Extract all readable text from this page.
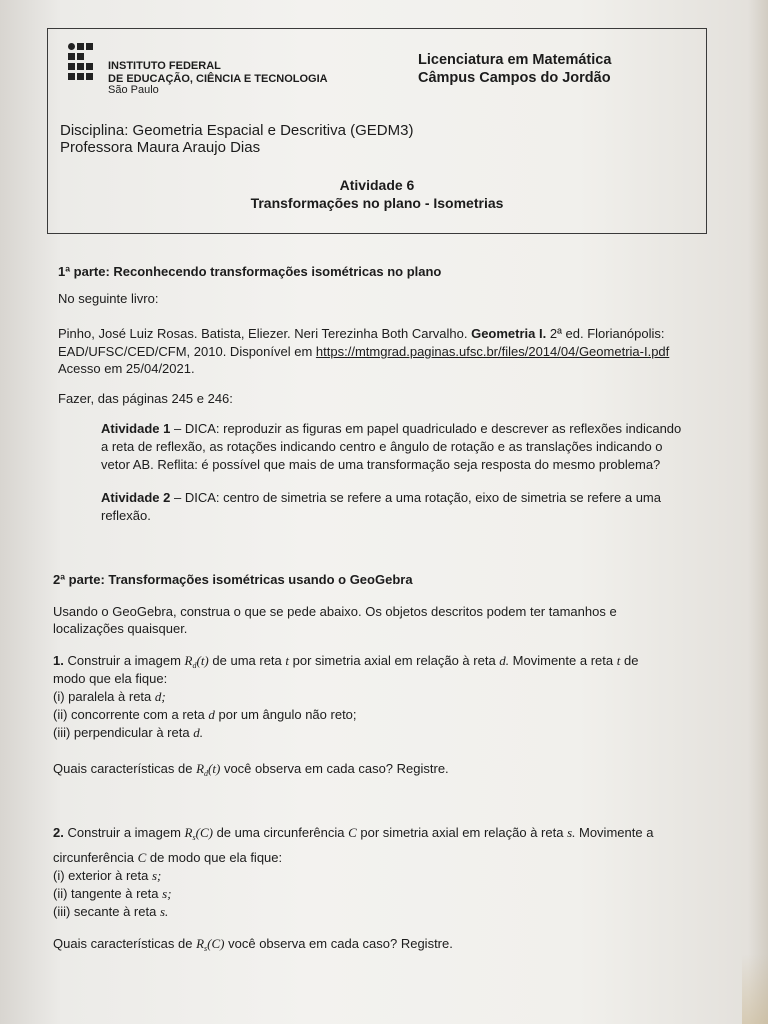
INSTITUTO FEDERAL
DE EDUCAÇÃO, CIÊNCIA E TECNOLOGIA
São Paulo
Licenciatura em Matemática
Câmpus Campos do Jordão
Disciplina: Geometria Espacial e Descritiva (GEDM3)
Professora Maura Araujo Dias
Atividade 6
Transformações no plano - Isometrias
1ª parte: Reconhecendo transformações isométricas no plano
No seguinte livro:
Pinho, José Luiz Rosas. Batista, Eliezer. Neri Terezinha Both Carvalho. Geometria I. 2ª ed. Florianópolis:
EAD/UFSC/CED/CFM, 2010. Disponível em https://mtmgrad.paginas.ufsc.br/files/2014/04/Geometria-I.pdf
Acesso em 25/04/2021.
Fazer, das páginas 245 e 246:
Atividade 1 – DICA: reproduzir as figuras em papel quadriculado e descrever as reflexões indicando
a reta de reflexão, as rotações indicando centro e ângulo de rotação e as translações indicando o
vetor AB. Reflita: é possível que mais de uma transformação seja resposta do mesmo problema?
Atividade 2 – DICA: centro de simetria se refere a uma rotação, eixo de simetria se refere a uma
reflexão.
2ª parte: Transformações isométricas usando o GeoGebra
Usando o GeoGebra, construa o que se pede abaixo. Os objetos descritos podem ter tamanhos e
localizações quaisquer.
1. Construir a imagem $R_d(t)$ de uma reta t por simetria axial em relação à reta d. Movimente a reta t de
modo que ela fique:
(i) paralela à reta d;
(ii) concorrente com a reta d por um ângulo não reto;
(iii) perpendicular à reta d.
Quais características de $R_d(t)$ você observa em cada caso? Registre.
2. Construir a imagem $R_s(C)$ de uma circunferência C por simetria axial em relação à reta s. Movimente a
circunferência C de modo que ela fique:
(i) exterior à reta s;
(ii) tangente à reta s;
(iii) secante à reta s.
Quais características de $R_s(C)$ você observa em cada caso? Registre.
